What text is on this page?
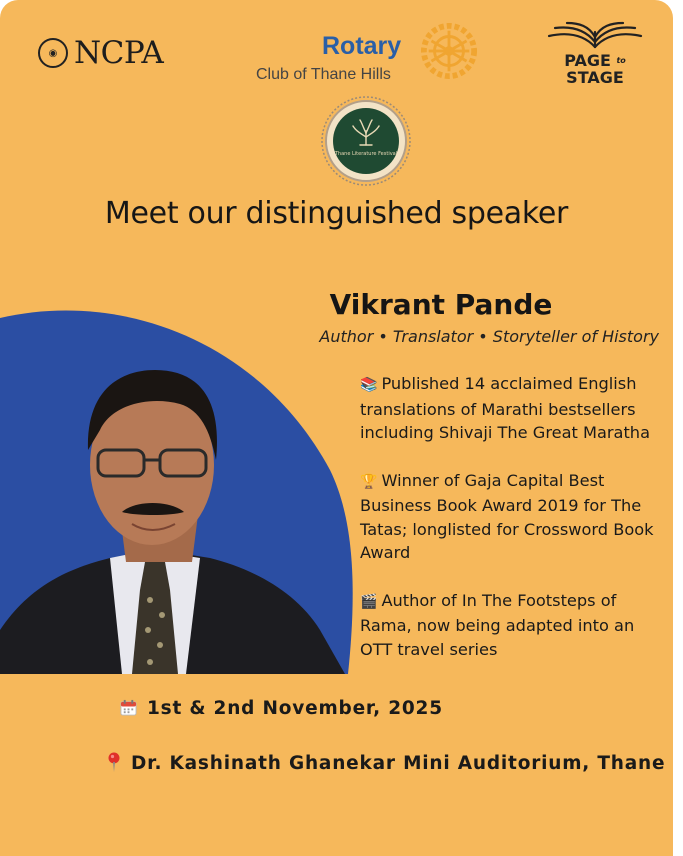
◉ NCPA	Rotary
Club of Thane Hills
PAGE $^{to}$
STAGE
Thane Literature Festival
Meet our distinguished speaker
Vikrant Pande
Author • Translator • Storyteller of History
📚 Published 14 acclaimed English translations of Marathi bestsellers including Shivaji The Great Maratha
🏆 Winner of Gaja Capital Best Business Book Award 2019 for The Tatas; longlisted for Crossword Book Award
🎬 Author of In The Footsteps of Rama, now being adapted into an OTT travel series
1st & 2nd November, 2025
Dr. Kashinath Ghanekar Mini Auditorium, Thane
